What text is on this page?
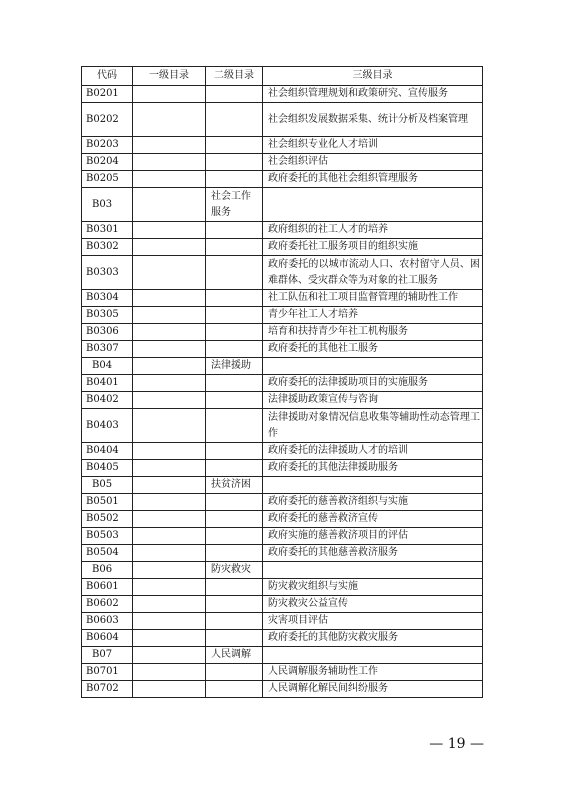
代码	一级目录	二级目录	三级目录
B0201			社会组织管理规划和政策研究、宣传服务
B0202			社会组织发展数据采集、统计分析及档案管理
B0203			社会组织专业化人才培训
B0204			社会组织评估
B0205			政府委托的其他社会组织管理服务
B03		社会工作服务	
B0301			政府组织的社工人才的培养
B0302			政府委托社工服务项目的组织实施
B0303			政府委托的以城市流动人口、农村留守人员、困难群体、受灾群众等为对象的社工服务
B0304			社工队伍和社工项目监督管理的辅助性工作
B0305			青少年社工人才培养
B0306			培育和扶持青少年社工机构服务
B0307			政府委托的其他社工服务
B04		法律援助	
B0401			政府委托的法律援助项目的实施服务
B0402			法律援助政策宣传与咨询
B0403			法律援助对象情况信息收集等辅助性动态管理工作
B0404			政府委托的法律援助人才的培训
B0405			政府委托的其他法律援助服务
B05		扶贫济困	
B0501			政府委托的慈善救济组织与实施
B0502			政府委托的慈善救济宣传
B0503			政府实施的慈善救济项目的评估
B0504			政府委托的其他慈善救济服务
B06		防灾救灾	
B0601			防灾救灾组织与实施
B0602			防灾救灾公益宣传
B0603			灾害项目评估
B0604			政府委托的其他防灾救灾服务
B07		人民调解	
B0701			人民调解服务辅助性工作
B0702			人民调解化解民间纠纷服务
— 19 —
